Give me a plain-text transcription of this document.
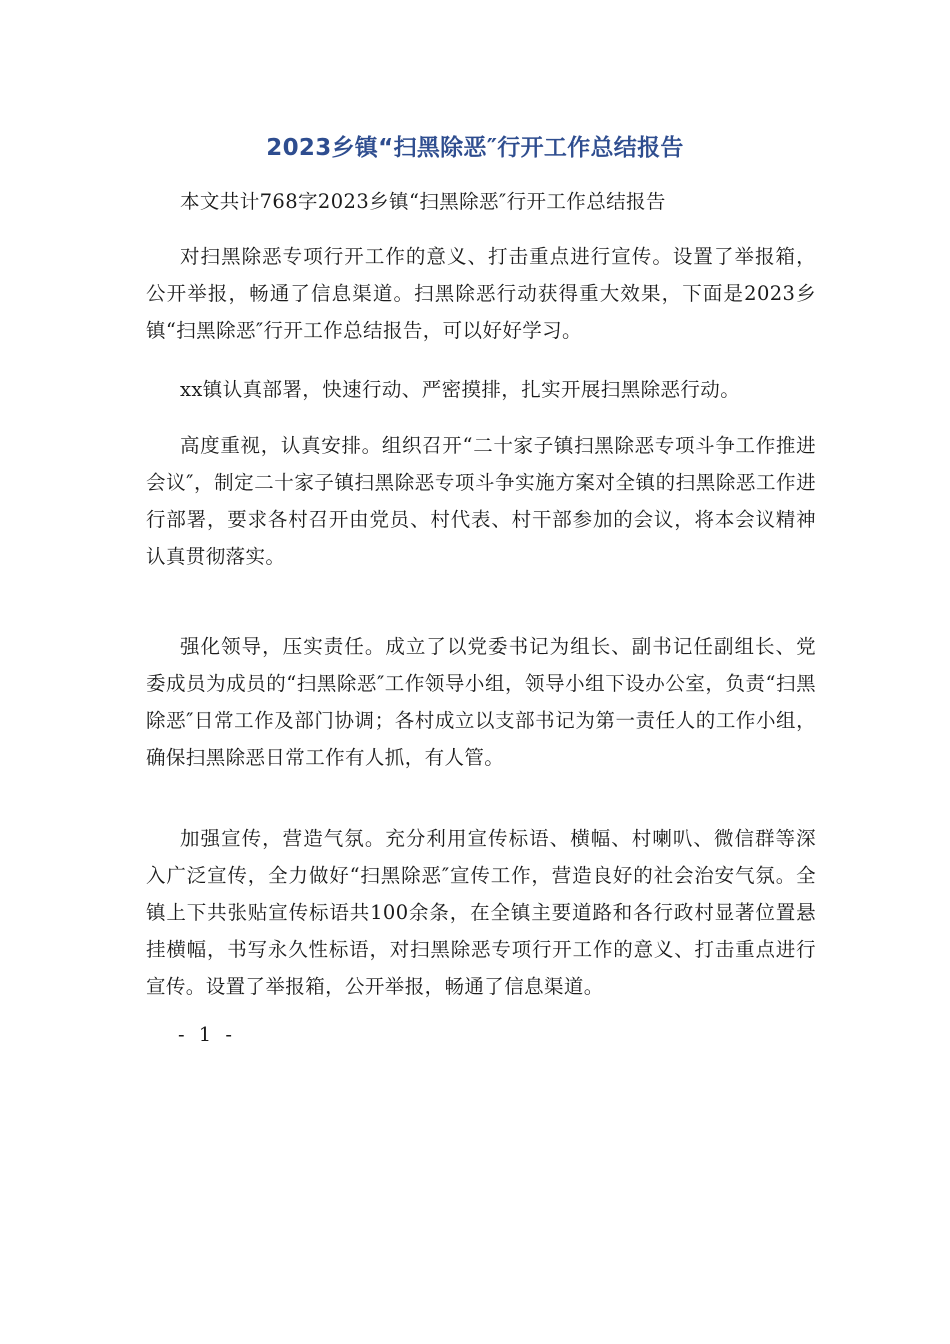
2023乡镇“扫黑除恶″行开工作总结报告

本文共计768字2023乡镇“扫黑除恶″行开工作总结报告

对扫黑除恶专项行开工作的意义、打击重点进行宣传。设置了举报箱，公开举报，畅通了信息渠道。扫黑除恶行动获得重大效果，下面是2023乡镇“扫黑除恶″行开工作总结报告，可以好好学习。

xx镇认真部署，快速行动、严密摸排，扎实开展扫黑除恶行动。

高度重视，认真安排。组织召开“二十家子镇扫黑除恶专项斗争工作推进会议″，制定二十家子镇扫黑除恶专项斗争实施方案对全镇的扫黑除恶工作进行部署，要求各村召开由党员、村代表、村干部参加的会议，将本会议精神认真贯彻落实。

强化领导，压实责任。成立了以党委书记为组长、副书记任副组长、党委成员为成员的“扫黑除恶″工作领导小组，领导小组下设办公室，负责“扫黑除恶″日常工作及部门协调；各村成立以支部书记为第一责任人的工作小组，确保扫黑除恶日常工作有人抓，有人管。

加强宣传，营造气氛。充分利用宣传标语、横幅、村喇叭、微信群等深入广泛宣传，全力做好“扫黑除恶″宣传工作，营造良好的社会治安气氛。全镇上下共张贴宣传标语共100余条，在全镇主要道路和各行政村显著位置悬挂横幅，书写永久性标语，对扫黑除恶专项行开工作的意义、打击重点进行宣传。设置了举报箱，公开举报，畅通了信息渠道。

- 1 -
